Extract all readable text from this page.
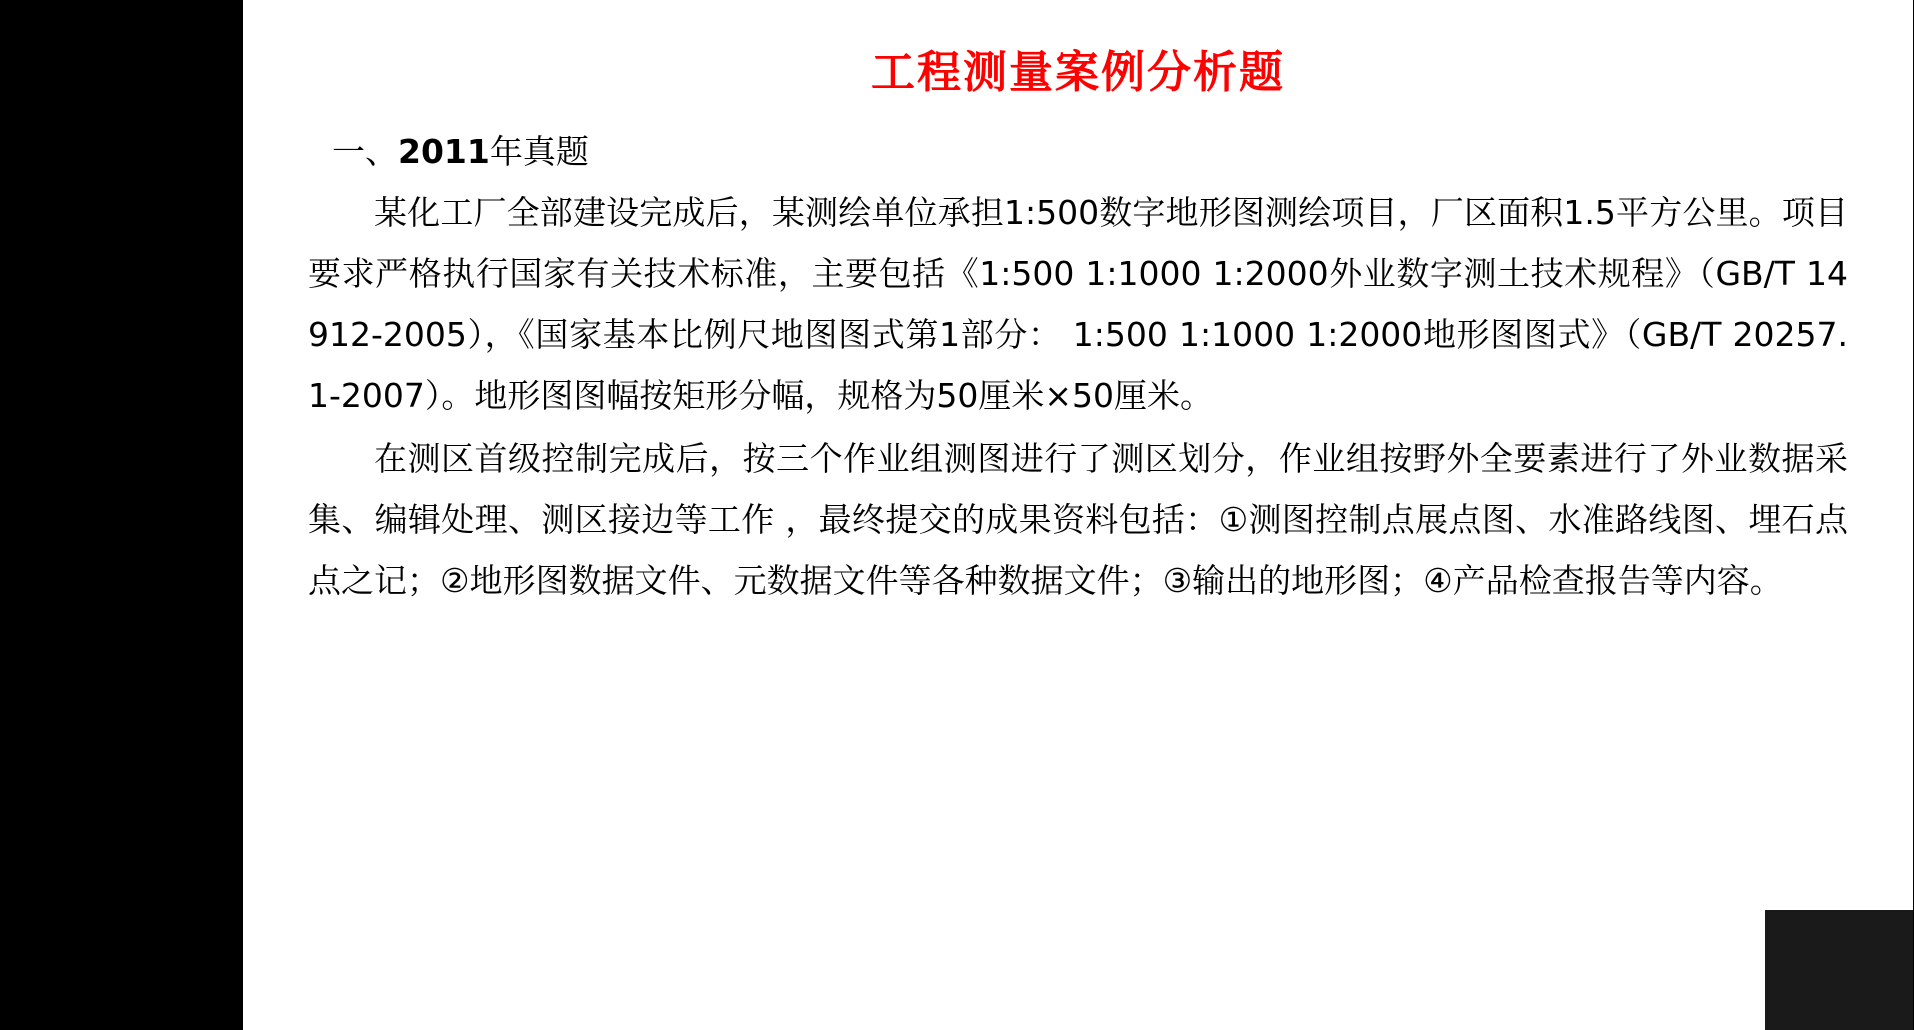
工程测量案例分析题
一、2011年真题

某化工厂全部建设完成后，某测绘单位承担1:500数字地形图测绘项目，厂区面积1.5平方公里。项目要求严格执行国家有关技术标准，主要包括《1:500 1:1000 1:2000外业数字测土技术规程》（GB/T 14912-2005），《国家基本比例尺地图图式第1部分： 1:500 1:1000 1:2000地形图图式》（GB/T 20257.1-2007）。地形图图幅按矩形分幅，规格为50厘米×50厘米。

在测区首级控制完成后，按三个作业组测图进行了测区划分，作业组按野外全要素进行了外业数据采集、编辑处理、测区接边等工作 ，最终提交的成果资料包括：①测图控制点展点图、水准路线图、埋石点点之记；②地形图数据文件、元数据文件等各种数据文件；③输出的地形图；④产品检查报告等内容。
